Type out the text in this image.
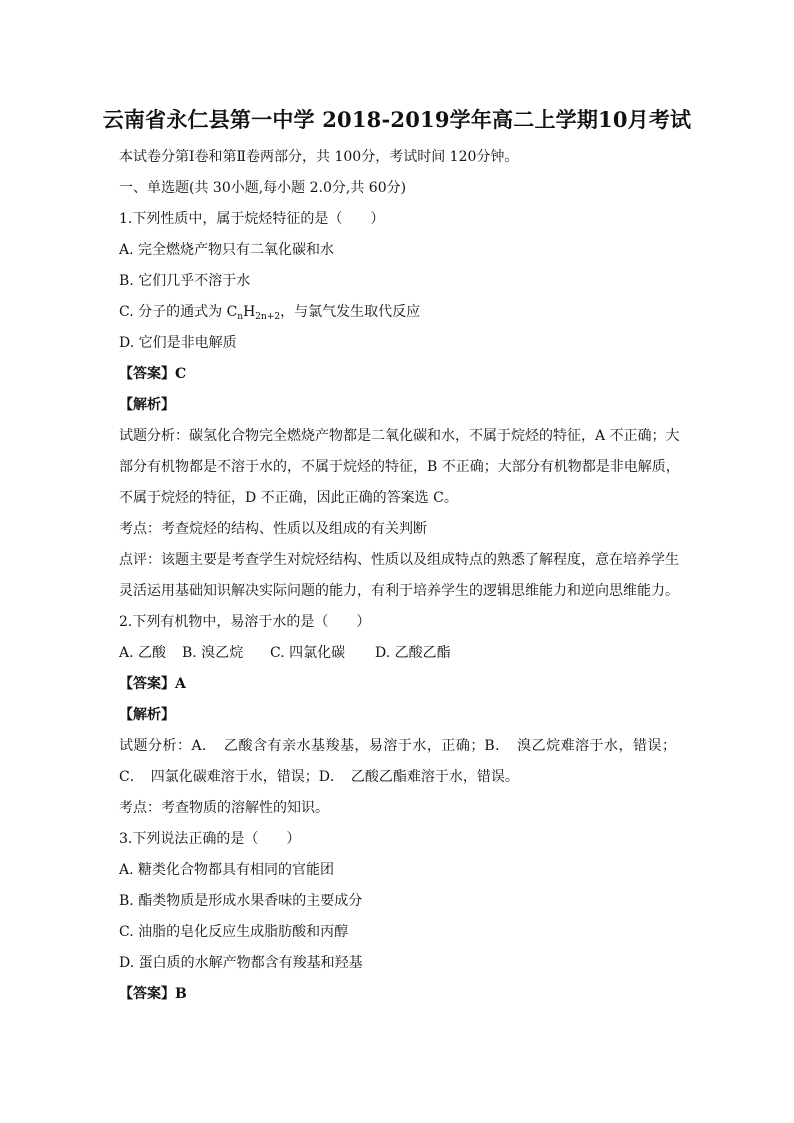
云南省永仁县第一中学 2018-2019学年高二上学期10月考试
本试卷分第Ⅰ卷和第Ⅱ卷两部分，共 100分，考试时间 120分钟。
一、单选题(共 30小题,每小题 2.0分,共 60分)
1.下列性质中，属于烷烃特征的是（　　）
A. 完全燃烧产物只有二氧化碳和水
B. 它们几乎不溶于水
C. 分子的通式为 $C_nH_{2n+2}$，与氯气发生取代反应
D. 它们是非电解质
【答案】C
【解析】
试题分析：碳氢化合物完全燃烧产物都是二氧化碳和水，不属于烷烃的特征，A 不正确；大
部分有机物都是不溶于水的，不属于烷烃的特征，B 不正确；大部分有机物都是非电解质，
不属于烷烃的特征，D 不正确，因此正确的答案选 C。
考点：考查烷烃的结构、性质以及组成的有关判断
点评：该题主要是考查学生对烷烃结构、性质以及组成特点的熟悉了解程度，意在培养学生
灵活运用基础知识解决实际问题的能力，有利于培养学生的逻辑思维能力和逆向思维能力。
2.下列有机物中，易溶于水的是（　　）
A. 乙酸 B. 溴乙烷 C. 四氯化碳 D. 乙酸乙酯
【答案】A
【解析】
试题分析：A．　乙酸含有亲水基羧基，易溶于水，正确；B．　溴乙烷难溶于水，错误；
C．　四氯化碳难溶于水，错误；D．　乙酸乙酯难溶于水，错误。
考点：考查物质的溶解性的知识。
3.下列说法正确的是（　　）
A. 糖类化合物都具有相同的官能团
B. 酯类物质是形成水果香味的主要成分
C. 油脂的皂化反应生成脂肪酸和丙醇
D. 蛋白质的水解产物都含有羧基和羟基
【答案】B
